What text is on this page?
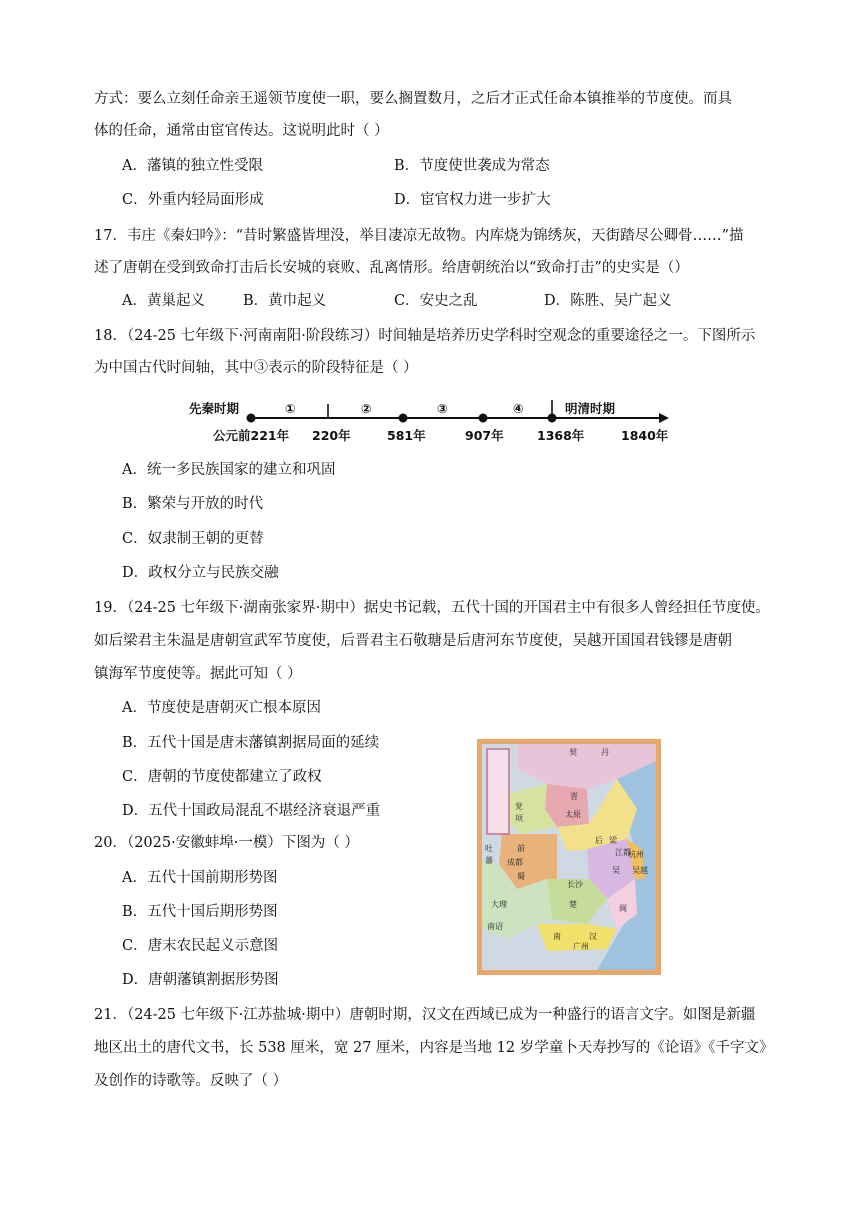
方式：要么立刻任命亲王遥领节度使一职，要么搁置数月，之后才正式任命本镇推举的节度使。而具
体的任命，通常由宦官传达。这说明此时（ ）
A．藩镇的独立性受限	B．节度使世袭成为常态
C．外重内轻局面形成	D．宦官权力进一步扩大
17．韦庄《秦妇吟》：“昔时繁盛皆埋没，举目凄凉无故物。内库烧为锦绣灰，天街踏尽公卿骨……”描
述了唐朝在受到致命打击后长安城的衰败、乱离情形。给唐朝统治以“致命打击”的史实是（）
A．黄巢起义	B．黄巾起义	C．安史之乱	D．陈胜、吴广起义
18．（24-25 七年级下·河南南阳·阶段练习）时间轴是培养历史学科时空观念的重要途径之一。下图所示
为中国古代时间轴，其中③表示的阶段特征是（ ）
先秦时期	明清时期
①	②	③	④
公元前221年 220年	581年	907年	1368年	1840年
A．统一多民族国家的建立和巩固
B．繁荣与开放的时代
C．奴隶制王朝的更替
D．政权分立与民族交融
19．（24-25 七年级下·湖南张家界·期中）据史书记载，五代十国的开国君主中有很多人曾经担任节度使。
如后梁君主朱温是唐朝宣武军节度使，后晋君主石敬瑭是后唐河东节度使，吴越开国国君钱镠是唐朝
镇海军节度使等。据此可知（ ）
A．节度使是唐朝灭亡根本原因
B．五代十国是唐末藩镇割据局面的延续
C．唐朝的节度使都建立了政权
D．五代十国政局混乱不堪经济衰退严重
20．（2025·安徽蚌埠·一模）下图为（ ）
A．五代十国前期形势图
B．五代十国后期形势图
C．唐末农民起义示意图
D．唐朝藩镇割据形势图
契	丹
晋
太原
党
项
后 梁
前
蜀
成都
吴
江都
杭州
吴越
长沙
楚	闽
南	汉
广州
吐
蕃
大理
南诏
21．（24-25 七年级下·江苏盐城·期中）唐朝时期，汉文在西域已成为一种盛行的语言文字。如图是新疆
地区出土的唐代文书，长 538 厘米，宽 27 厘米，内容是当地 12 岁学童卜天寿抄写的《论语》《千字文》
及创作的诗歌等。反映了（ ）
